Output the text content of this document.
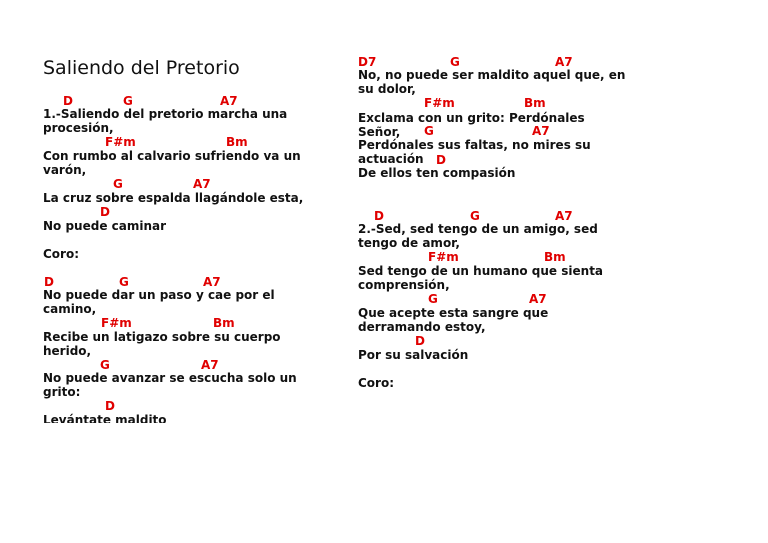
Saliendo del Pretorio
D	G	A7
1.-Saliendo del pretorio marcha una procesión,
F#m	Bm
Con rumbo al calvario sufriendo va un varón,
G	A7
La cruz sobre espalda llagándole esta,
D
No puede caminar
Coro:
D	G	A7
No puede dar un paso y cae por el camino,
F#m	Bm
Recibe un latigazo sobre su cuerpo herido,
G	A7
No puede avanzar se escucha solo un grito:
D
Levántate maldito
D7	G	A7
No, no puede ser maldito aquel que, en su dolor,
F#m	Bm
Exclama con un grito: Perdónales Señor,	G	A7
Perdónales sus faltas, no mires su actuación	D
De ellos ten compasión
D	G	A7
2.-Sed, sed tengo de un amigo, sed tengo de amor,
F#m	Bm
Sed tengo de un humano que sienta comprensión,
G	A7
Que acepte esta sangre que derramando estoy,
D
Por su salvación
Coro:
